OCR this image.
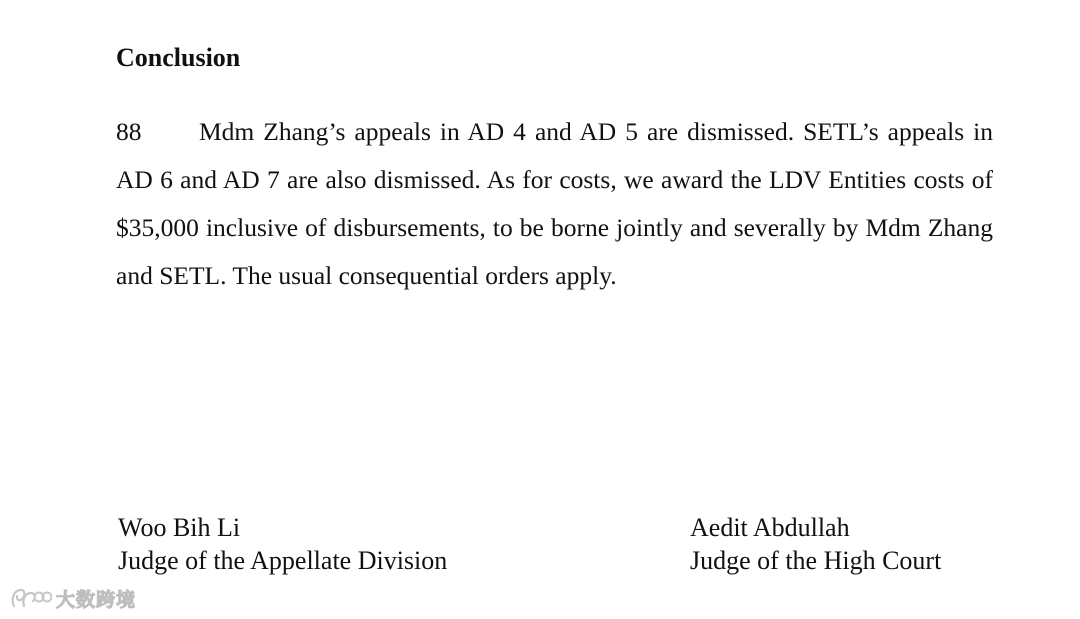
Conclusion

88 Mdm Zhang’s appeals in AD 4 and AD 5 are dismissed. SETL’s appeals in AD 6 and AD 7 are also dismissed. As for costs, we award the LDV Entities costs of $35,000 inclusive of disbursements, to be borne jointly and severally by Mdm Zhang and SETL. The usual consequential orders apply.

Woo Bih Li
Judge of the Appellate Division
Aedit Abdullah
Judge of the High Court
大数跨境
